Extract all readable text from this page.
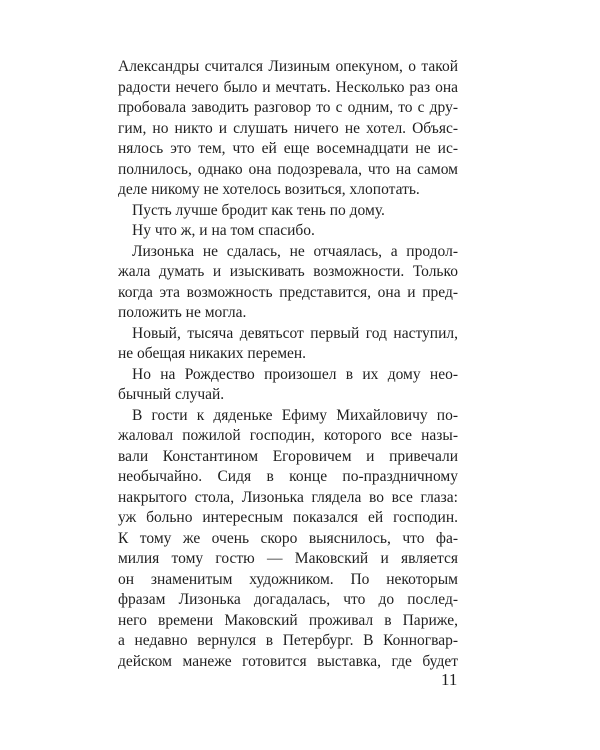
Александры считался Лизиным опекуном, о такой
радости нечего было и мечтать. Несколько раз она
пробовала заводить разговор то с одним, то с дру-
гим, но никто и слушать ничего не хотел. Объяс-
нялось это тем, что ей еще восемнадцати не ис-
полнилось, однако она подозревала, что на самом
деле никому не хотелось возиться, хлопотать.
Пусть лучше бродит как тень по дому.
Ну что ж, и на том спасибо.
Лизонька не сдалась, не отчаялась, а продол-
жала думать и изыскивать возможности. Только
когда эта возможность представится, она и пред-
положить не могла.
Новый, тысяча девятьсот первый год наступил,
не обещая никаких перемен.
Но на Рождество произошел в их дому нео-
бычный случай.
В гости к дяденьке Ефиму Михайловичу по-
жаловал пожилой господин, которого все назы-
вали Константином Егоровичем и привечали
необычайно. Сидя в конце по-праздничному
накрытого стола, Лизонька глядела во все глаза:
уж больно интересным показался ей господин.
К тому же очень скоро выяснилось, что фа-
милия тому гостю — Маковский и является
он знаменитым художником. По некоторым
фразам Лизонька догадалась, что до послед-
него времени Маковский проживал в Париже,
а недавно вернулся в Петербург. В Конногвар-
дейском манеже готовится выставка, где будет
11
